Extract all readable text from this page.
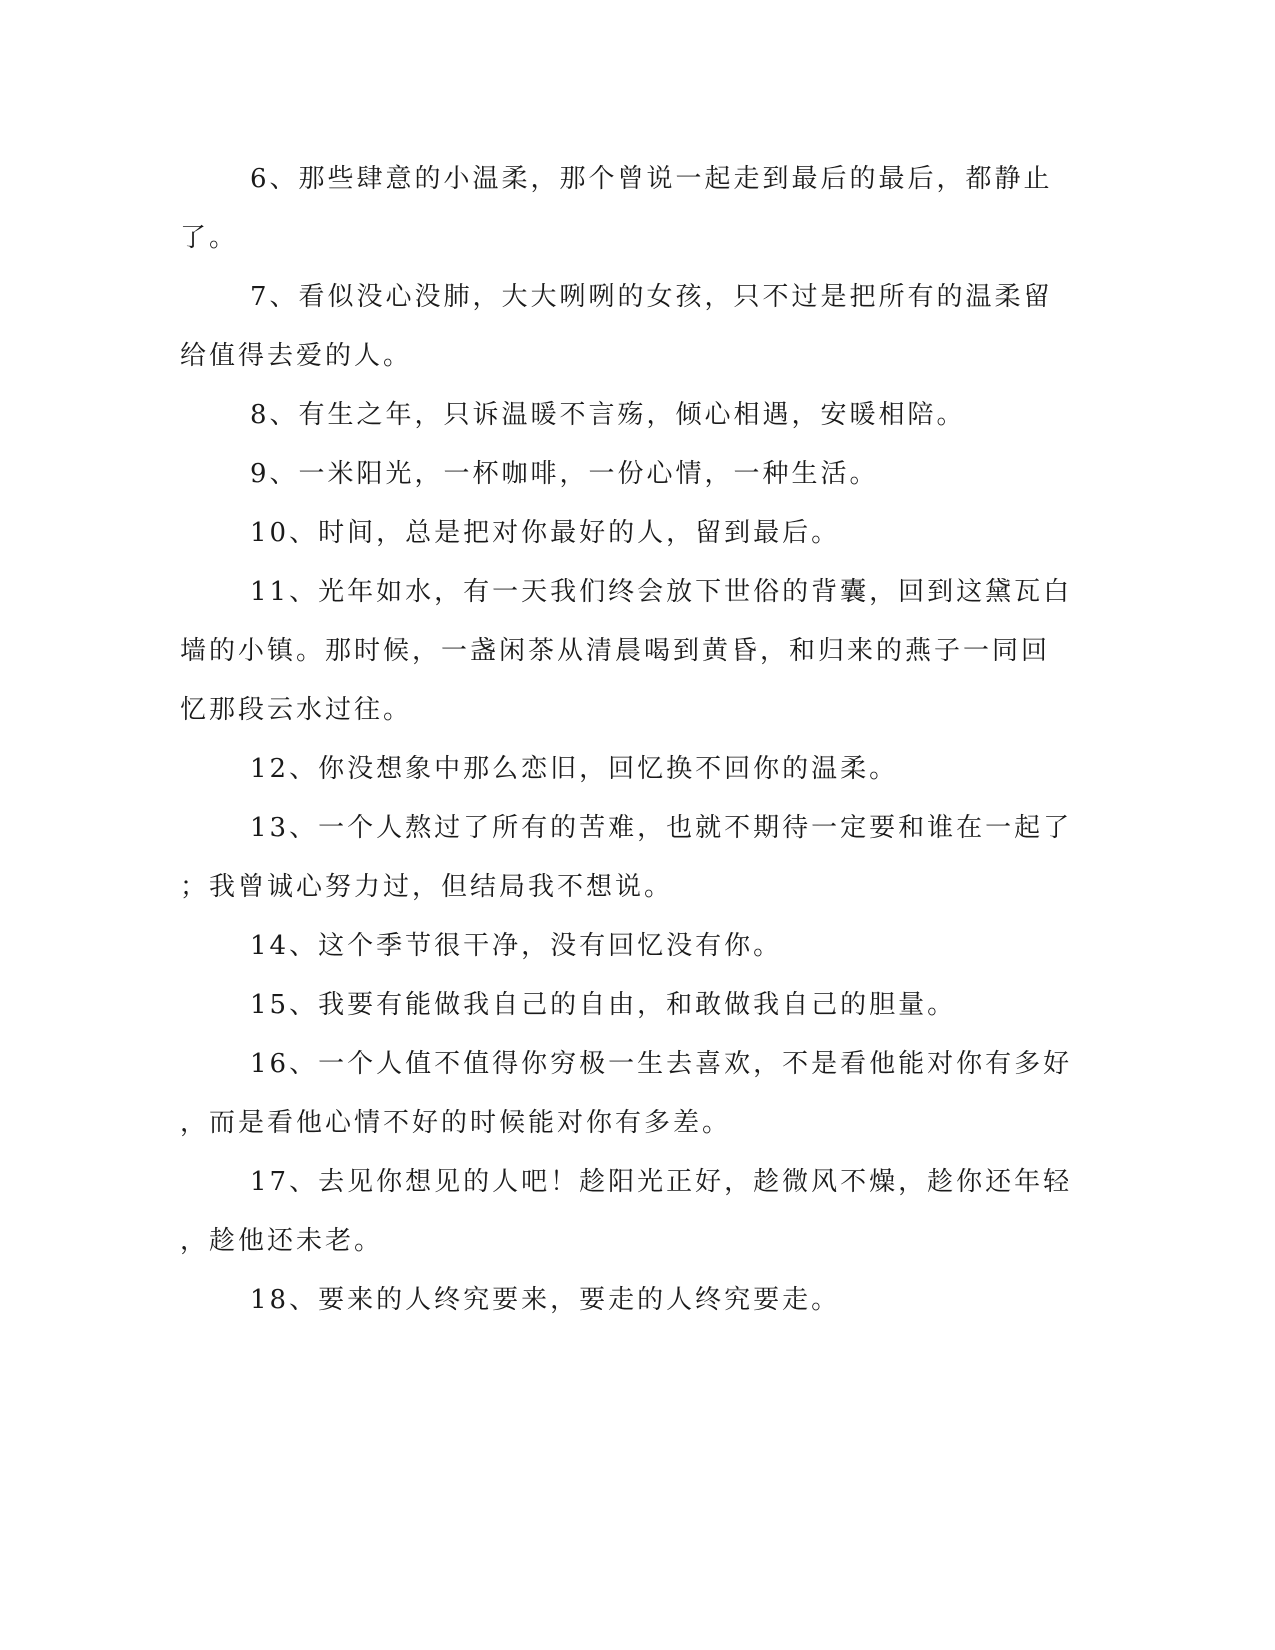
6、那些肆意的小温柔，那个曾说一起走到最后的最后，都静止
了。
7、看似没心没肺，大大咧咧的女孩，只不过是把所有的温柔留
给值得去爱的人。
8、有生之年，只诉温暖不言殇，倾心相遇，安暖相陪。
9、一米阳光，一杯咖啡，一份心情，一种生活。
10、时间，总是把对你最好的人，留到最后。
11、光年如水，有一天我们终会放下世俗的背囊，回到这黛瓦白
墙的小镇。那时候，一盏闲茶从清晨喝到黄昏，和归来的燕子一同回
忆那段云水过往。
12、你没想象中那么恋旧，回忆换不回你的温柔。
13、一个人熬过了所有的苦难，也就不期待一定要和谁在一起了
；我曾诚心努力过，但结局我不想说。
14、这个季节很干净，没有回忆没有你。
15、我要有能做我自己的自由，和敢做我自己的胆量。
16、一个人值不值得你穷极一生去喜欢，不是看他能对你有多好
，而是看他心情不好的时候能对你有多差。
17、去见你想见的人吧！趁阳光正好，趁微风不燥，趁你还年轻
，趁他还未老。
18、要来的人终究要来，要走的人终究要走。
